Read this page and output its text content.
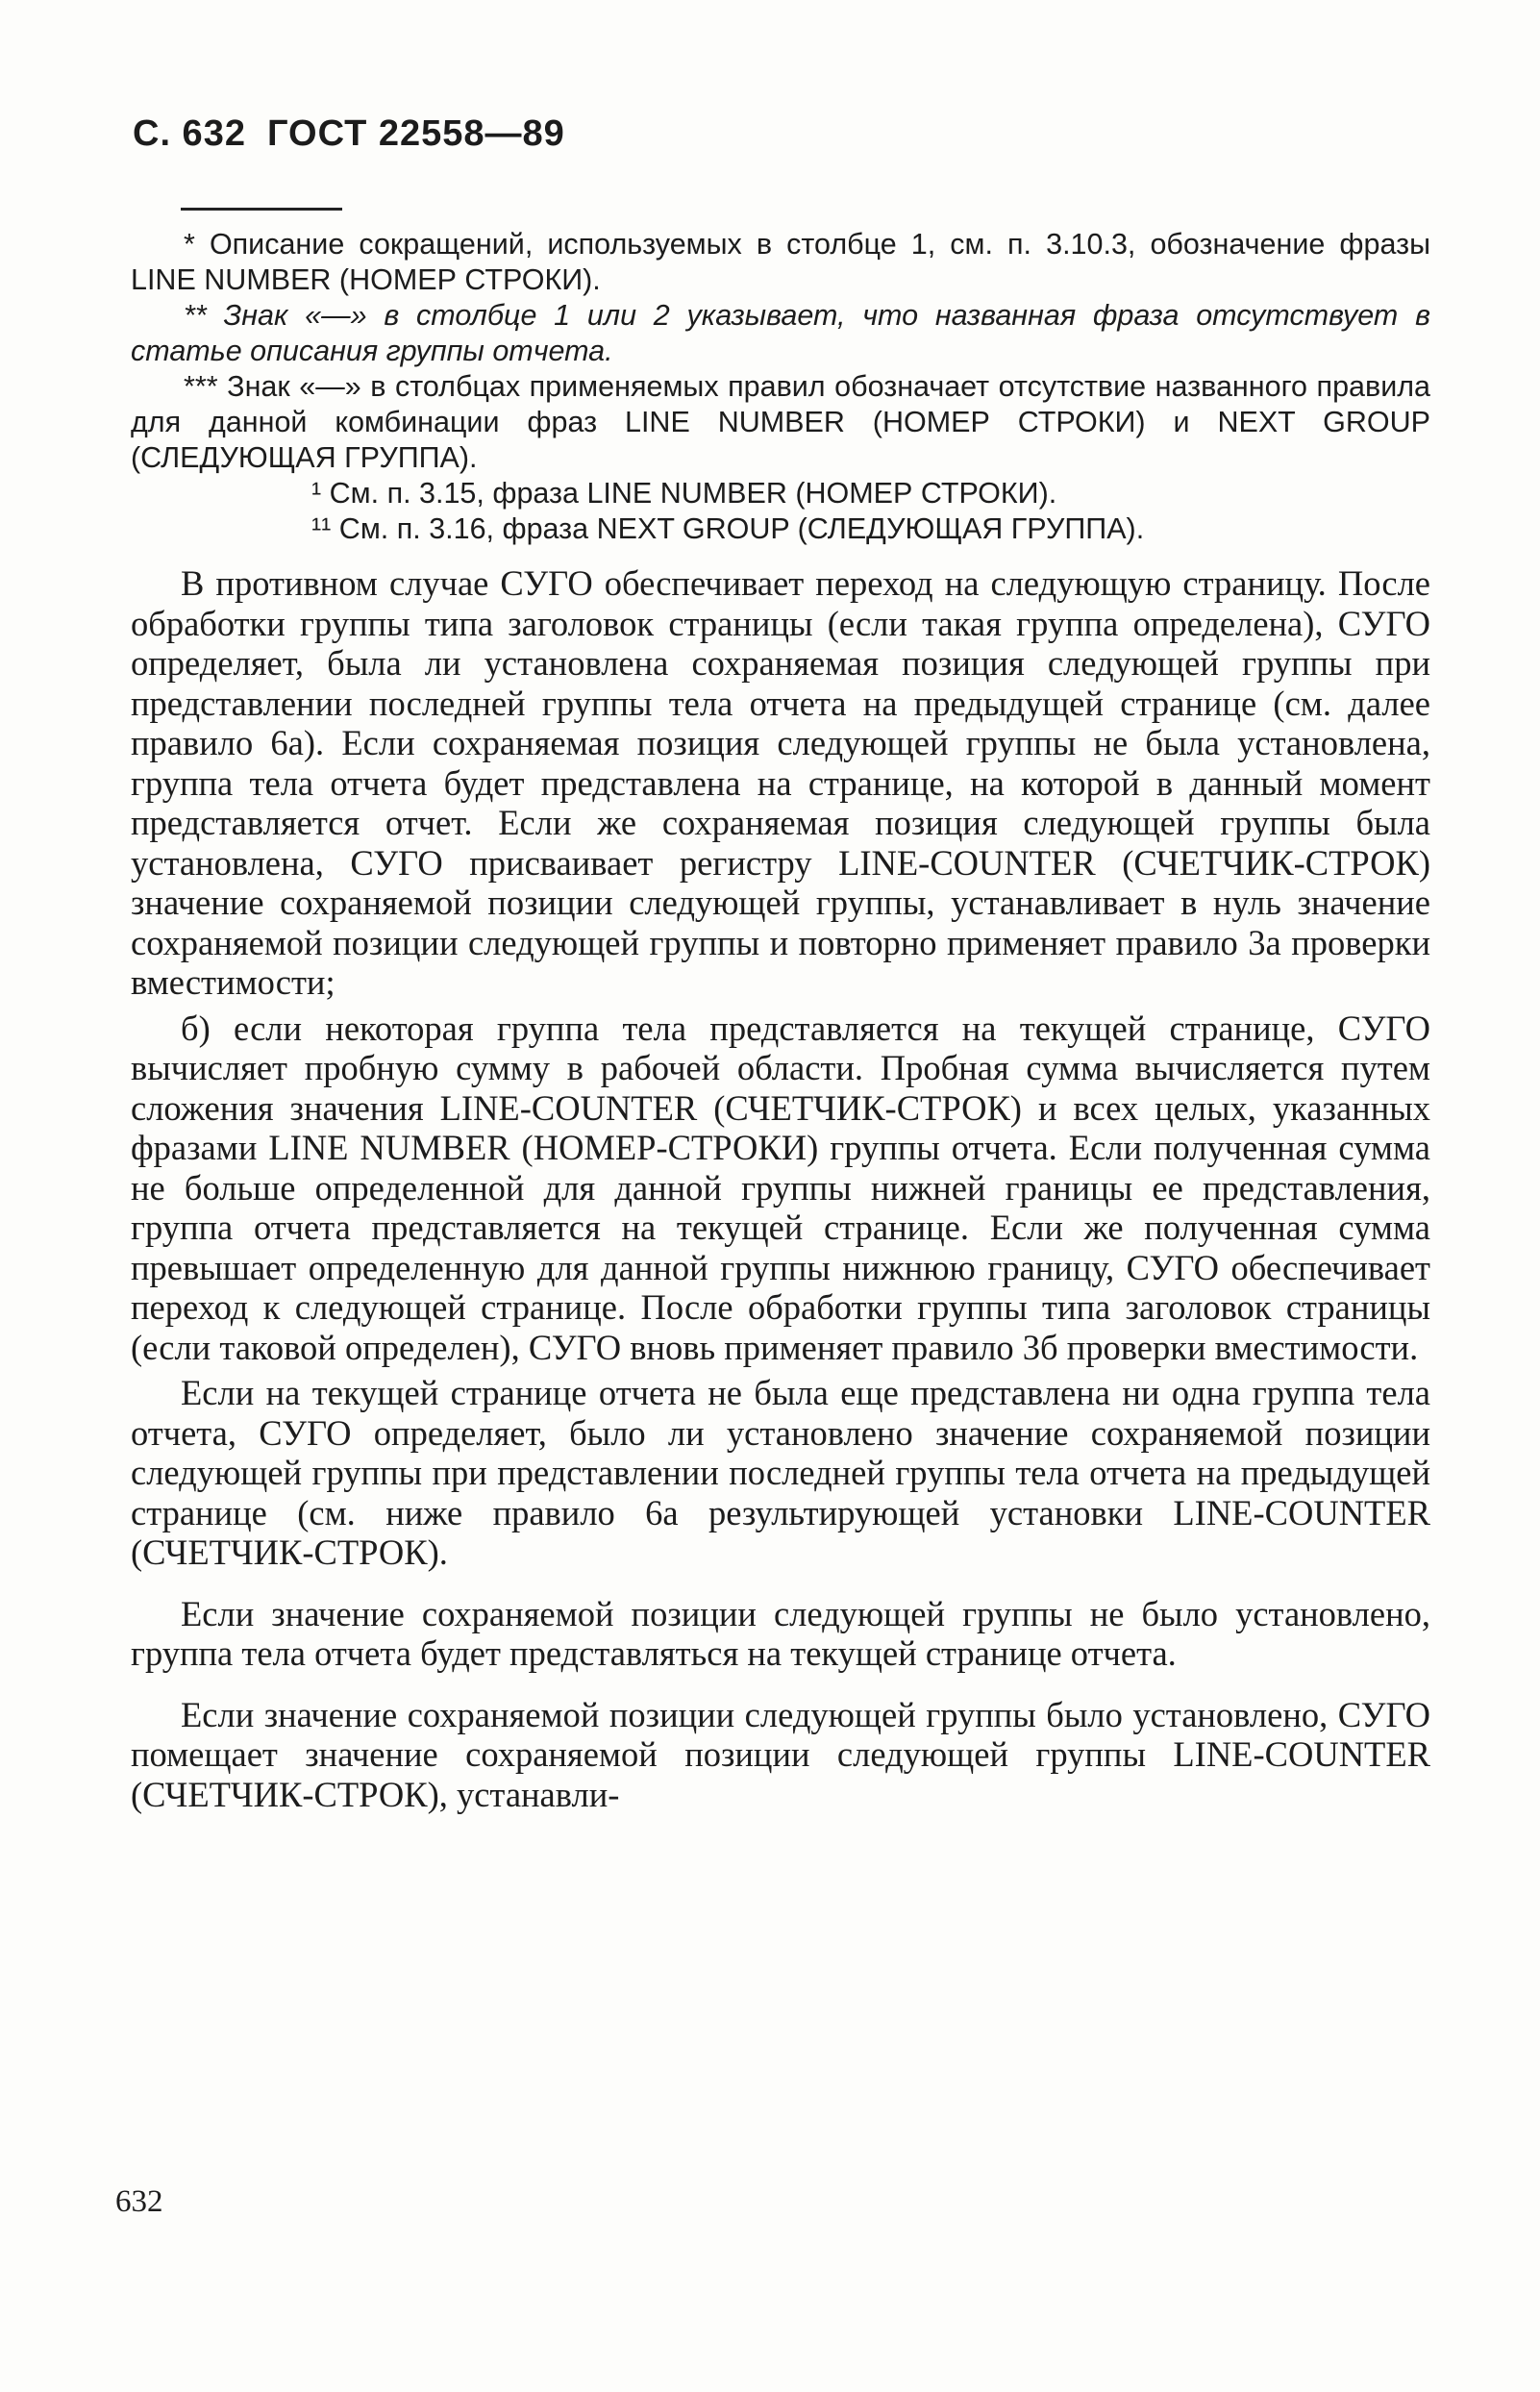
С. 632 ГОСТ 22558—89

* Описание сокращений, используемых в столбце 1, см. п. 3.10.3, обозначение фразы LINE NUMBER (НОМЕР СТРОКИ).

** Знак «—» в столбце 1 или 2 указывает, что названная фраза отсутствует в статье описания группы отчета.

*** Знак «—» в столбцах применяемых правил обозначает отсутствие названного правила для данной комбинации фраз LINE NUMBER (НОМЕР СТРОКИ) и NEXT GROUP (СЛЕДУЮЩАЯ ГРУППА).

¹ См. п. 3.15, фраза LINE NUMBER (НОМЕР СТРОКИ).

¹¹ См. п. 3.16, фраза NEXT GROUP (СЛЕДУЮЩАЯ ГРУППА).

В противном случае СУГО обеспечивает переход на следующую страницу. После обработки группы типа заголовок страницы (если такая группа определена), СУГО определяет, была ли установлена сохраняемая позиция следующей группы при представлении последней группы тела отчета на предыдущей странице (см. далее правило 6а). Если сохраняемая позиция следующей группы не была установлена, группа тела отчета будет представлена на странице, на которой в данный момент представляется отчет. Если же сохраняемая позиция следующей группы была установлена, СУГО присваивает регистру LINE-COUNTER (СЧЕТЧИК-СТРОК) значение сохраняемой позиции следующей группы, устанавливает в нуль значение сохраняемой позиции следующей группы и повторно применяет правило 3а проверки вместимости;

б) если некоторая группа тела представляется на текущей странице, СУГО вычисляет пробную сумму в рабочей области. Пробная сумма вычисляется путем сложения значения LINE-COUNTER (СЧЕТЧИК-СТРОК) и всех целых, указанных фразами LINE NUMBER (НОМЕР-СТРОКИ) группы отчета. Если полученная сумма не больше определенной для данной группы нижней границы ее представления, группа отчета представляется на текущей странице. Если же полученная сумма превышает определенную для данной группы нижнюю границу, СУГО обеспечивает переход к следующей странице. После обработки группы типа заголовок страницы (если таковой определен), СУГО вновь применяет правило 3б проверки вместимости.

Если на текущей странице отчета не была еще представлена ни одна группа тела отчета, СУГО определяет, было ли установлено значение сохраняемой позиции следующей группы при представлении последней группы тела отчета на предыдущей странице (см. ниже правило 6а результирующей установки LINE-COUNTER (СЧЕТЧИК-СТРОК).

Если значение сохраняемой позиции следующей группы не было установлено, группа тела отчета будет представляться на текущей странице отчета.

Если значение сохраняемой позиции следующей группы было установлено, СУГО помещает значение сохраняемой позиции следующей группы LINE-COUNTER (СЧЕТЧИК-СТРОК), устанавли-

632
